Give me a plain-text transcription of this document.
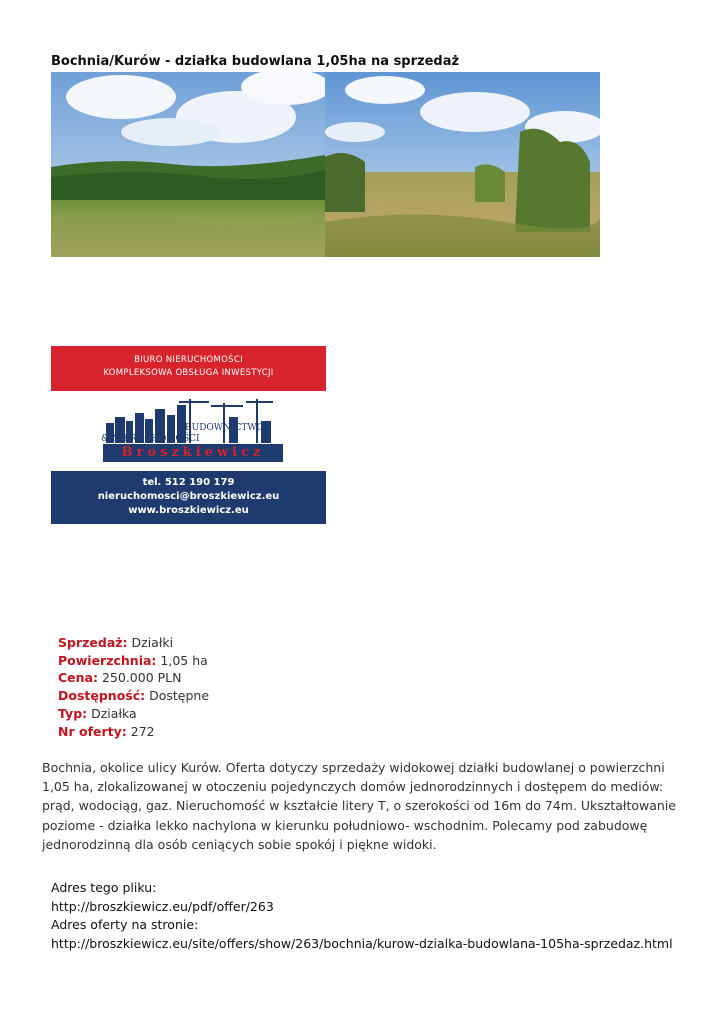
Bochnia/Kurów - działka budowlana 1,05ha na sprzedaż
BIURO NIERUCHOMOŚCI
KOMPLEKSOWA OBSŁUGA INWESTYCJI
BUDOWNICTWO
& NIERUCHOMOŚCI
Broszkiewicz
tel. 512 190 179
nieruchomosci@broszkiewicz.eu
www.broszkiewicz.eu
Sprzedaż: Działki
Powierzchnia: 1,05 ha
Cena: 250.000 PLN
Dostępność: Dostępne
Typ: Działka
Nr oferty: 272
Bochnia, okolice ulicy Kurów. Oferta dotyczy sprzedaży widokowej działki budowlanej o powierzchni 1,05 ha, zlokalizowanej w otoczeniu pojedynczych domów jednorodzinnych i dostępem do mediów: prąd, wodociąg, gaz. Nieruchomość w kształcie litery T, o szerokości od 16m do 74m. Ukształtowanie poziome - działka lekko nachylona w kierunku południowo- wschodnim. Polecamy pod zabudowę jednorodzinną dla osób ceniących sobie spokój i piękne widoki.
Adres tego pliku:
http://broszkiewicz.eu/pdf/offer/263
Adres oferty na stronie:
http://broszkiewicz.eu/site/offers/show/263/bochnia/kurow-dzialka-budowlana-105ha-sprzedaz.html
